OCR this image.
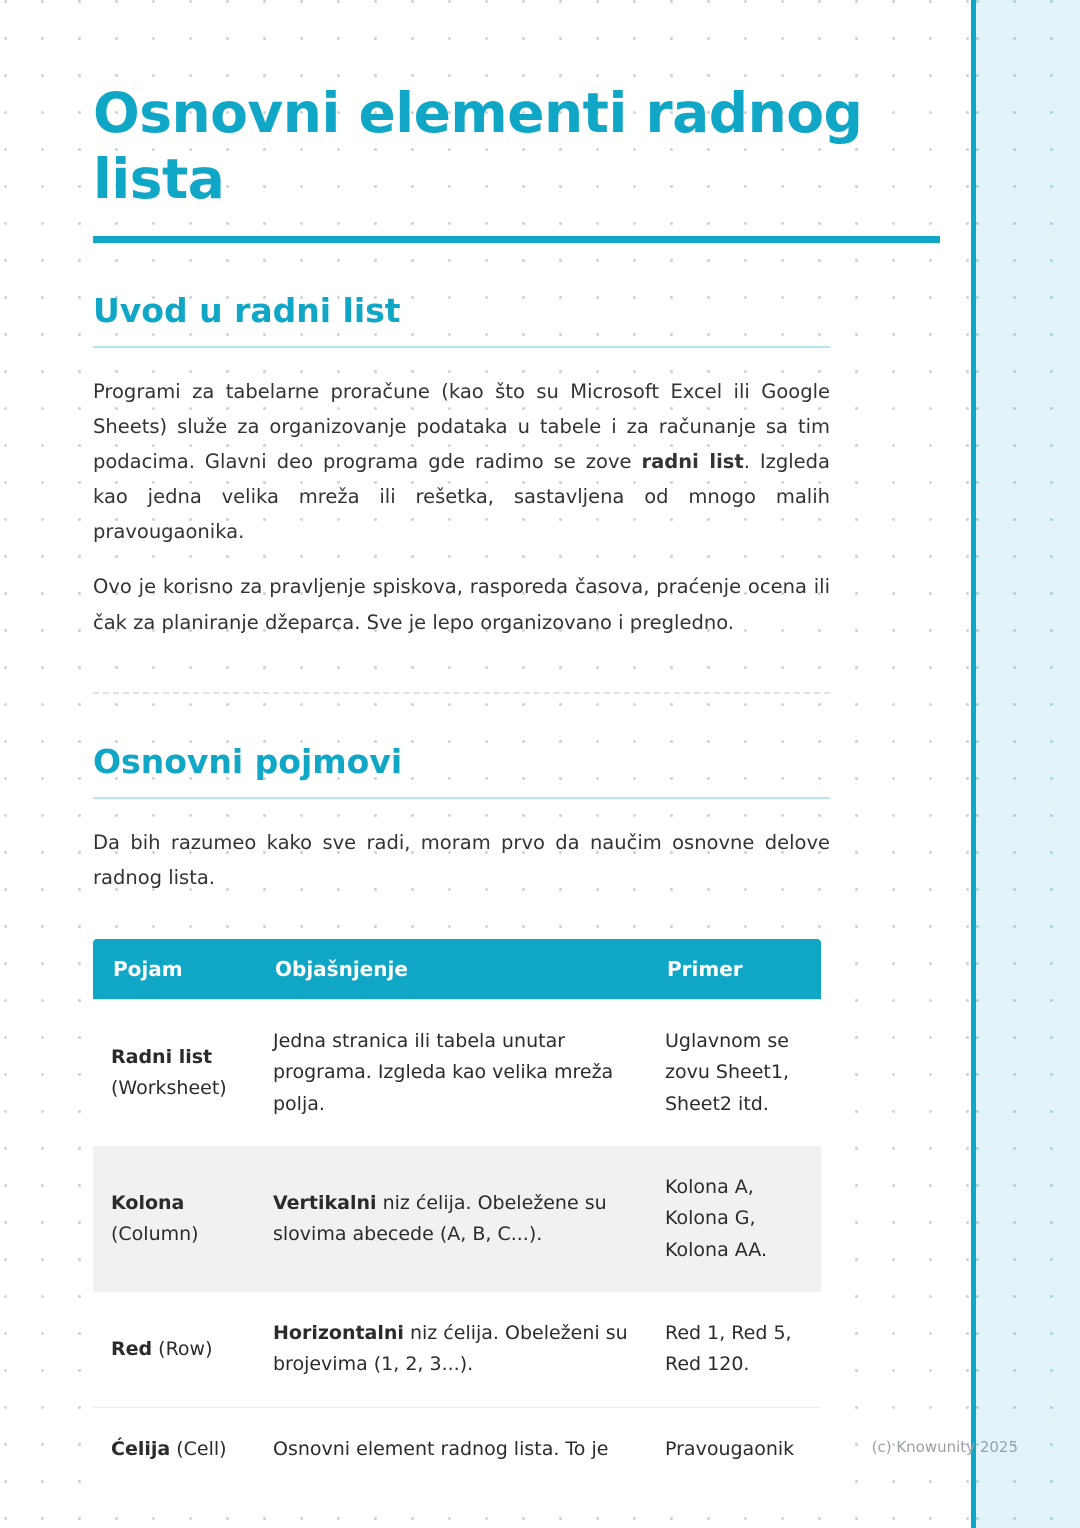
Osnovni elementi radnog lista
Uvod u radni list

Programi za tabelarne proračune (kao što su Microsoft Excel ili Google Sheets) služe za organizovanje podataka u tabele i za računanje sa tim podacima. Glavni deo programa gde radimo se zove radni list. Izgleda kao jedna velika mreža ili rešetka, sastavljena od mnogo malih pravougaonika.

Ovo je korisno za pravljenje spiskova, rasporeda časova, praćenje ocena ili čak za planiranje džeparca. Sve je lepo organizovano i pregledno.

Osnovni pojmovi

Da bih razumeo kako sve radi, moram prvo da naučim osnovne delove radnog lista.

Pojam	Objašnjenje	Primer
Radni list (Worksheet)	Jedna stranica ili tabela unutar programa. Izgleda kao velika mreža polja.	Uglavnom se zovu Sheet1, Sheet2 itd.
Kolona (Column)	Vertikalni niz ćelija. Obeležene su slovima abecede (A, B, C...).	Kolona A, Kolona G, Kolona AA.
Red (Row)	Horizontalni niz ćelija. Obeleženi su brojevima (1, 2, 3...).	Red 1, Red 5, Red 120.
Ćelija (Cell)	Osnovni element radnog lista. To je	Pravougaonik	(c) Knowunity 2025
